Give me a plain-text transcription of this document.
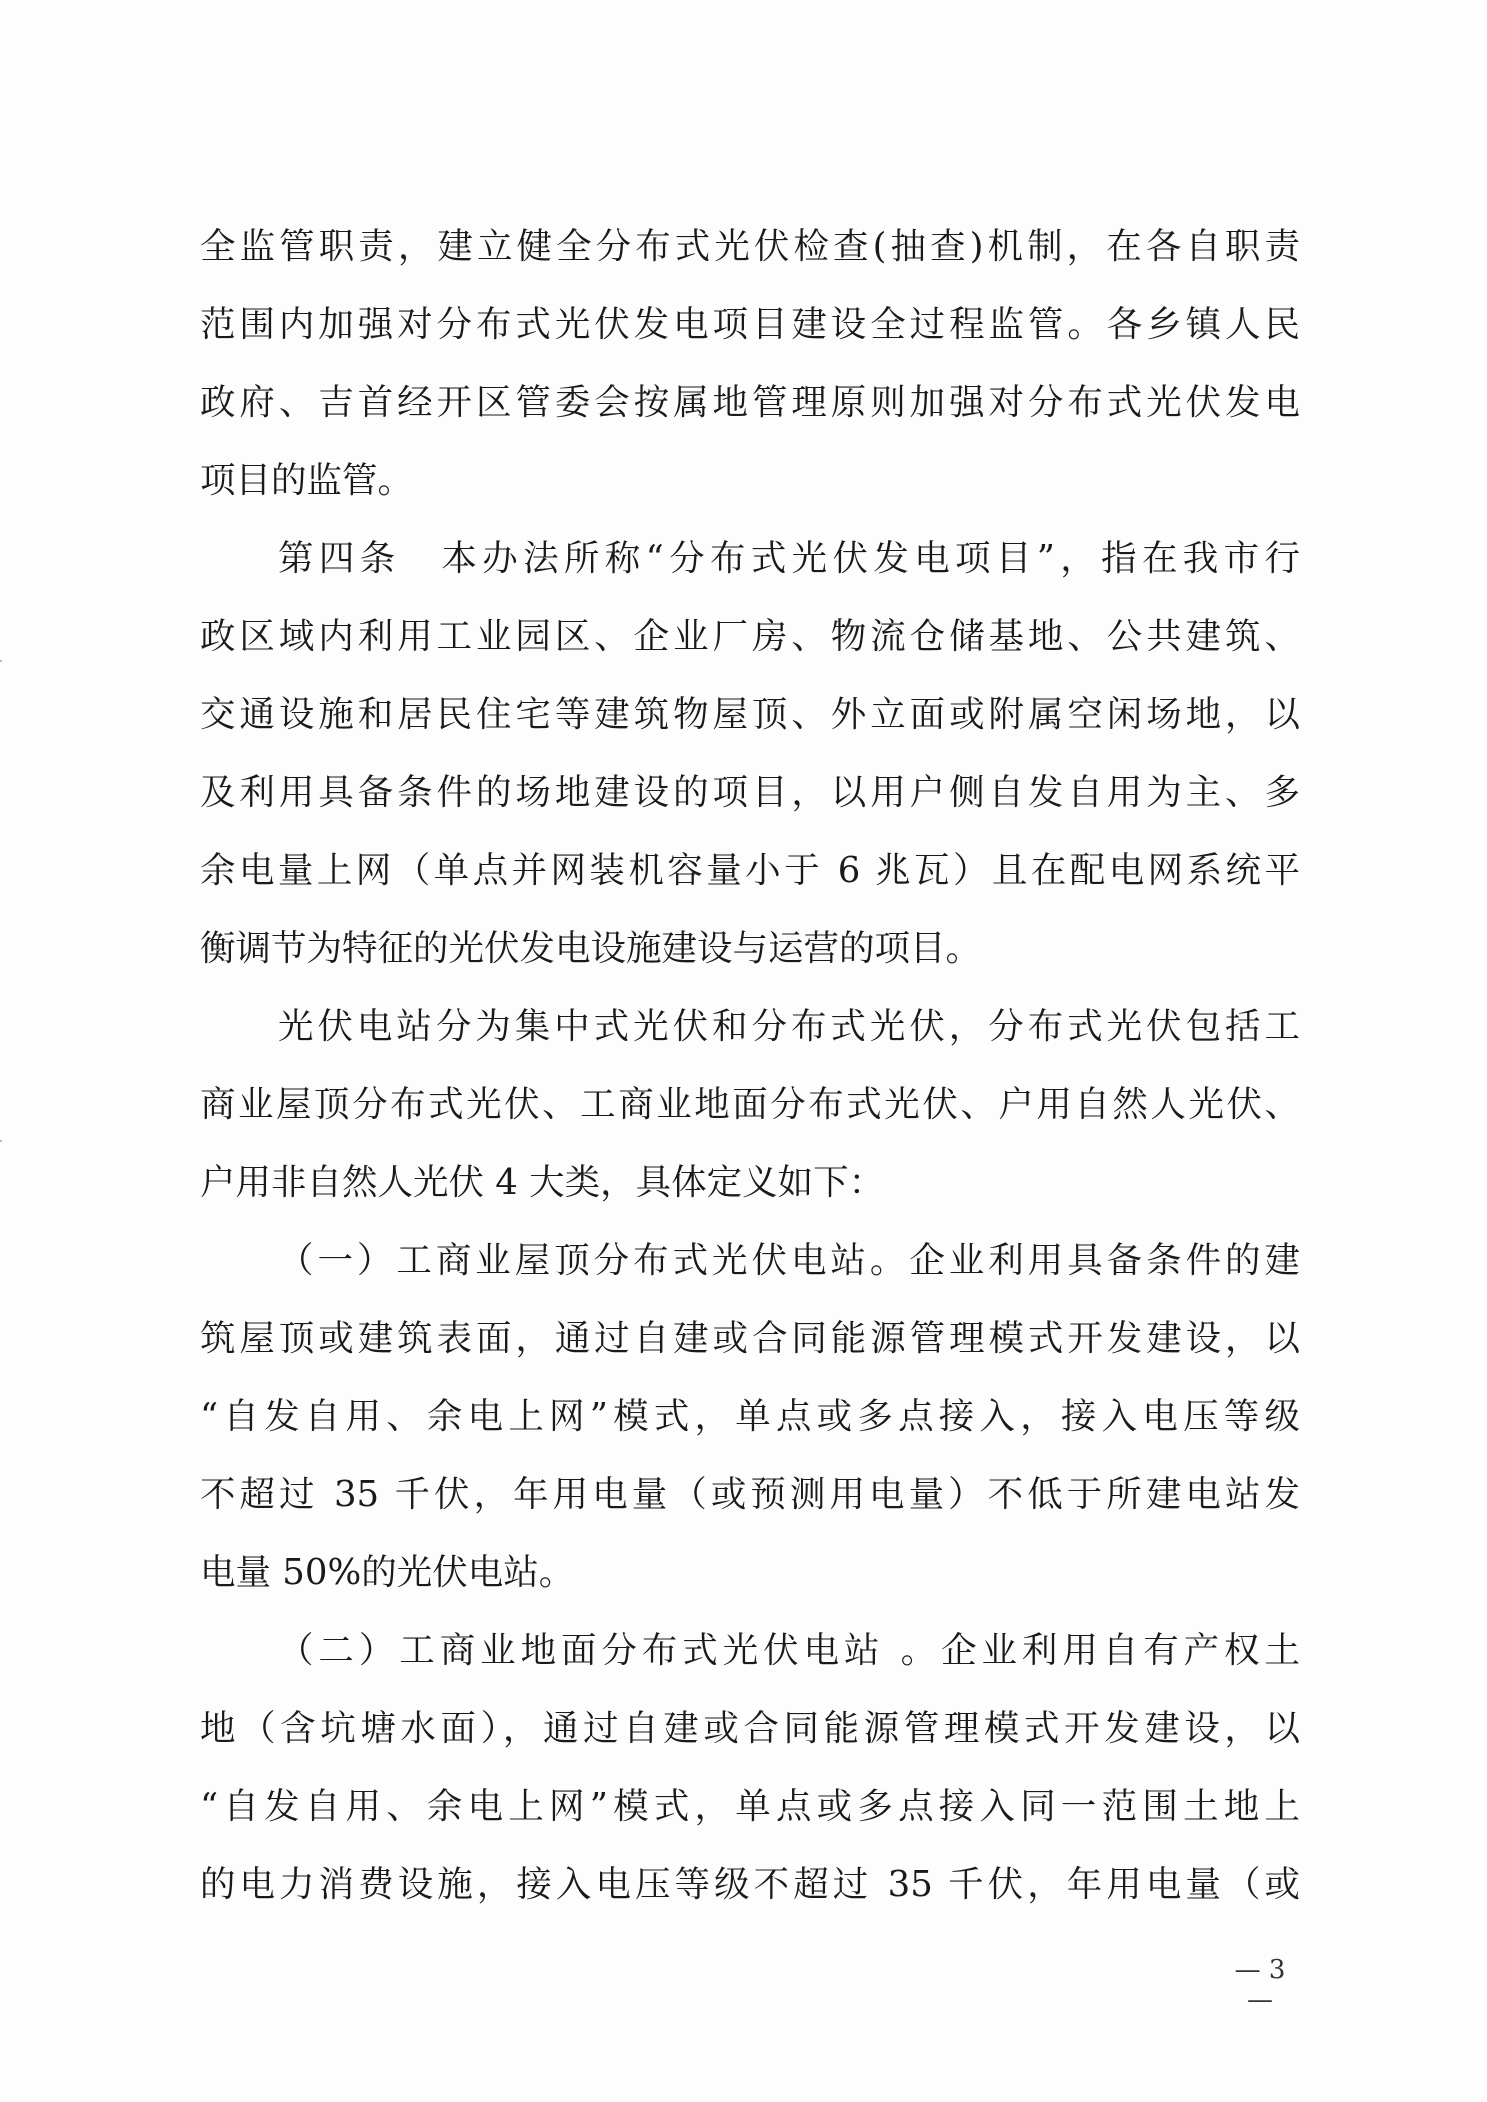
全监管职责，建立健全分布式光伏检查(抽查)机制，在各自职责
范围内加强对分布式光伏发电项目建设全过程监管。各乡镇人民
政府、吉首经开区管委会按属地管理原则加强对分布式光伏发电
项目的监管。
第四条　本办法所称“分布式光伏发电项目”，指在我市行
政区域内利用工业园区、企业厂房、物流仓储基地、公共建筑、
交通设施和居民住宅等建筑物屋顶、外立面或附属空闲场地，以
及利用具备条件的场地建设的项目，以用户侧自发自用为主、多
余电量上网（单点并网装机容量小于 6 兆瓦）且在配电网系统平
衡调节为特征的光伏发电设施建设与运营的项目。
光伏电站分为集中式光伏和分布式光伏，分布式光伏包括工
商业屋顶分布式光伏、工商业地面分布式光伏、户用自然人光伏、
户用非自然人光伏 4 大类，具体定义如下：
（一）工商业屋顶分布式光伏电站。企业利用具备条件的建
筑屋顶或建筑表面，通过自建或合同能源管理模式开发建设，以
“自发自用、余电上网”模式，单点或多点接入，接入电压等级
不超过 35 千伏，年用电量（或预测用电量）不低于所建电站发
电量 50%的光伏电站。
（二）工商业地面分布式光伏电站 。企业利用自有产权土
地（含坑塘水面），通过自建或合同能源管理模式开发建设，以
“自发自用、余电上网”模式，单点或多点接入同一范围土地上
的电力消费设施，接入电压等级不超过 35 千伏，年用电量（或
— 3 —
